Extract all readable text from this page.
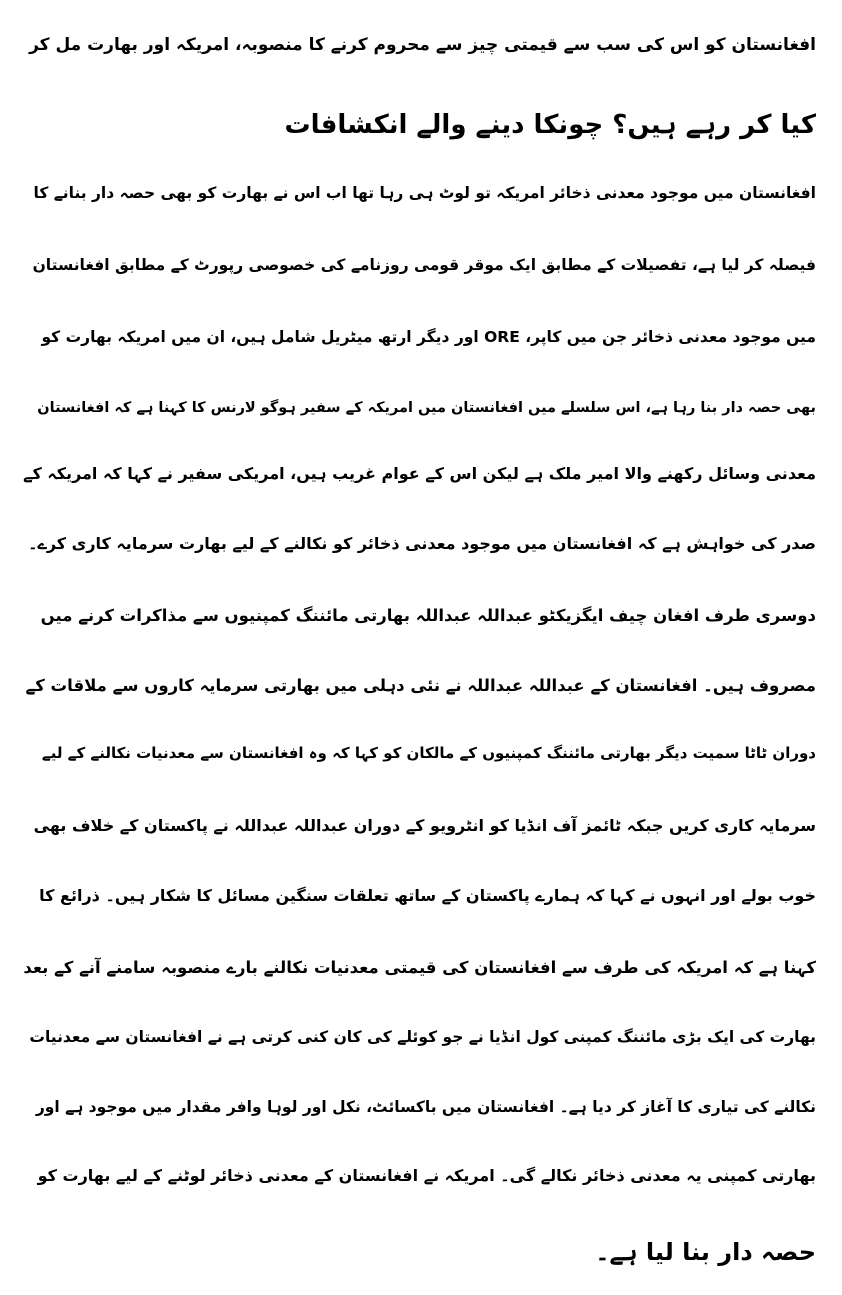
افغانستان کو اس کی سب سے قیمتی چیز سے محروم کرنے کا منصوبہ، امریکہ اور بھارت مل کر
کیا کر رہے ہیں؟ چونکا دینے والے انکشافات
افغانستان میں موجود معدنی ذخائر امریکہ تو لوٹ ہی رہا تھا اب اس نے بھارت کو بھی حصہ دار بنانے کا
فیصلہ کر لیا ہے، تفصیلات کے مطابق ایک موقر قومی روزنامے کی خصوصی رپورٹ کے مطابق افغانستان
میں موجود معدنی ذخائر جن میں کاپر، ORE اور دیگر ارتھ میٹریل شامل ہیں، ان میں امریکہ بھارت کو
بھی حصہ دار بنا رہا ہے، اس سلسلے میں افغانستان میں امریکہ کے سفیر ہوگو لارنس کا کہنا ہے کہ افغانستان
معدنی وسائل رکھنے والا امیر ملک ہے لیکن اس کے عوام غریب ہیں، امریکی سفیر نے کہا کہ امریکہ کے
صدر کی خواہش ہے کہ افغانستان میں موجود معدنی ذخائر کو نکالنے کے لیے بھارت سرمایہ کاری کرے۔
دوسری طرف افغان چیف ایگزیکٹو عبداللہ عبداللہ بھارتی مائننگ کمپنیوں سے مذاکرات کرنے میں
مصروف ہیں۔ افغانستان کے عبداللہ عبداللہ نے نئی دہلی میں بھارتی سرمایہ کاروں سے ملاقات کے
دوران ٹاٹا سمیت دیگر بھارتی مائننگ کمپنیوں کے مالکان کو کہا کہ وہ افغانستان سے معدنیات نکالنے کے لیے
سرمایہ کاری کریں جبکہ ٹائمز آف انڈیا کو انٹرویو کے دوران عبداللہ عبداللہ نے پاکستان کے خلاف بھی
خوب بولے اور انہوں نے کہا کہ ہمارے پاکستان کے ساتھ تعلقات سنگین مسائل کا شکار ہیں۔ ذرائع کا
کہنا ہے کہ امریکہ کی طرف سے افغانستان کی قیمتی معدنیات نکالنے بارے منصوبہ سامنے آنے کے بعد
بھارت کی ایک بڑی مائننگ کمپنی کول انڈیا نے جو کوئلے کی کان کنی کرتی ہے نے افغانستان سے معدنیات
نکالنے کی تیاری کا آغاز کر دیا ہے۔ افغانستان میں باکسائٹ، نکل اور لوہا وافر مقدار میں موجود ہے اور
بھارتی کمپنی یہ معدنی ذخائر نکالے گی۔ امریکہ نے افغانستان کے معدنی ذخائر لوٹنے کے لیے بھارت کو
حصہ دار بنا لیا ہے۔
